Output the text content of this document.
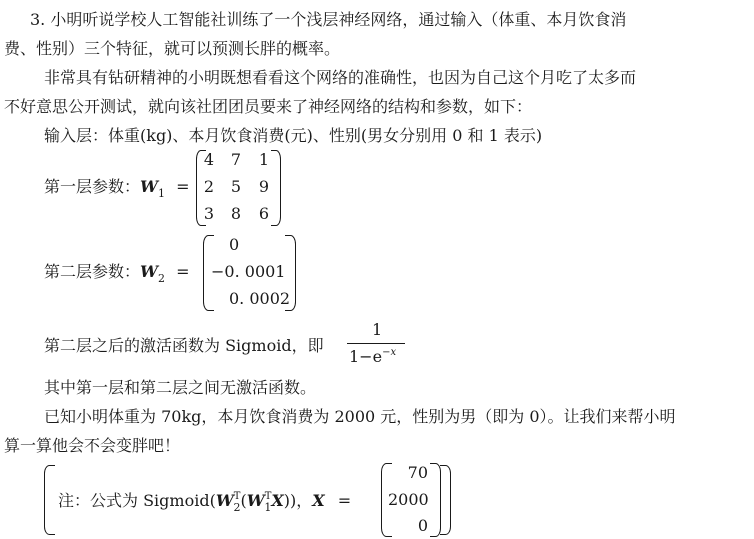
3. 小明听说学校人工智能社训练了一个浅层神经网络，通过输入（体重、本月饮食消
费、性别）三个特征，就可以预测长胖的概率。
非常具有钻研精神的小明既想看看这个网络的准确性，也因为自己这个月吃了太多而
不好意思公开测试，就向该社团团员要来了神经网络的结构和参数，如下：
输入层：体重(kg)、本月饮食消费(元)、性别(男女分别用 0 和 1 表示)
第一层参数：$W_1$ =
4	7	1
2	5	9
3	8	6
第二层参数：$W_2$ =
0
−0. 0001
0. 0002
第二层之后的激活函数为 Sigmoid，即
1
$1-e^{-x}$
其中第一层和第二层之间无激活函数。
已知小明体重为 70kg，本月饮食消费为 2000 元，性别为男（即为 0）。让我们来帮小明
算一算他会不会变胖吧！
注：公式为 $Sigmoid(W^T_2(W^T_1X))$，X =
70
2000
0
